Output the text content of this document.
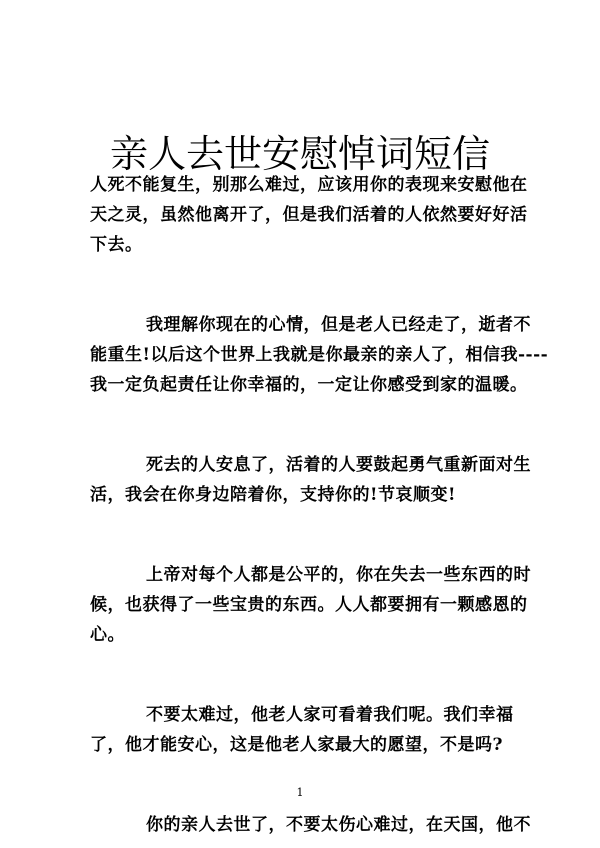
亲人去世安慰悼词短信

人死不能复生，别那么难过，应该用你的表现来安慰他在
天之灵，虽然他离开了，但是我们活着的人依然要好好活
下去。

我理解你现在的心情，但是老人已经走了，逝者不
能重生!以后这个世界上我就是你最亲的亲人了，相信我----
我一定负起责任让你幸福的，一定让你感受到家的温暖。

死去的人安息了，活着的人要鼓起勇气重新面对生
活，我会在你身边陪着你，支持你的!节哀顺变!

上帝对每个人都是公平的，你在失去一些东西的时
候，也获得了一些宝贵的东西。人人都要拥有一颗感恩的
心。

不要太难过，他老人家可看着我们呢。我们幸福
了，他才能安心，这是他老人家最大的愿望，不是吗?

你的亲人去世了，不要太伤心难过，在天国，他不

1
